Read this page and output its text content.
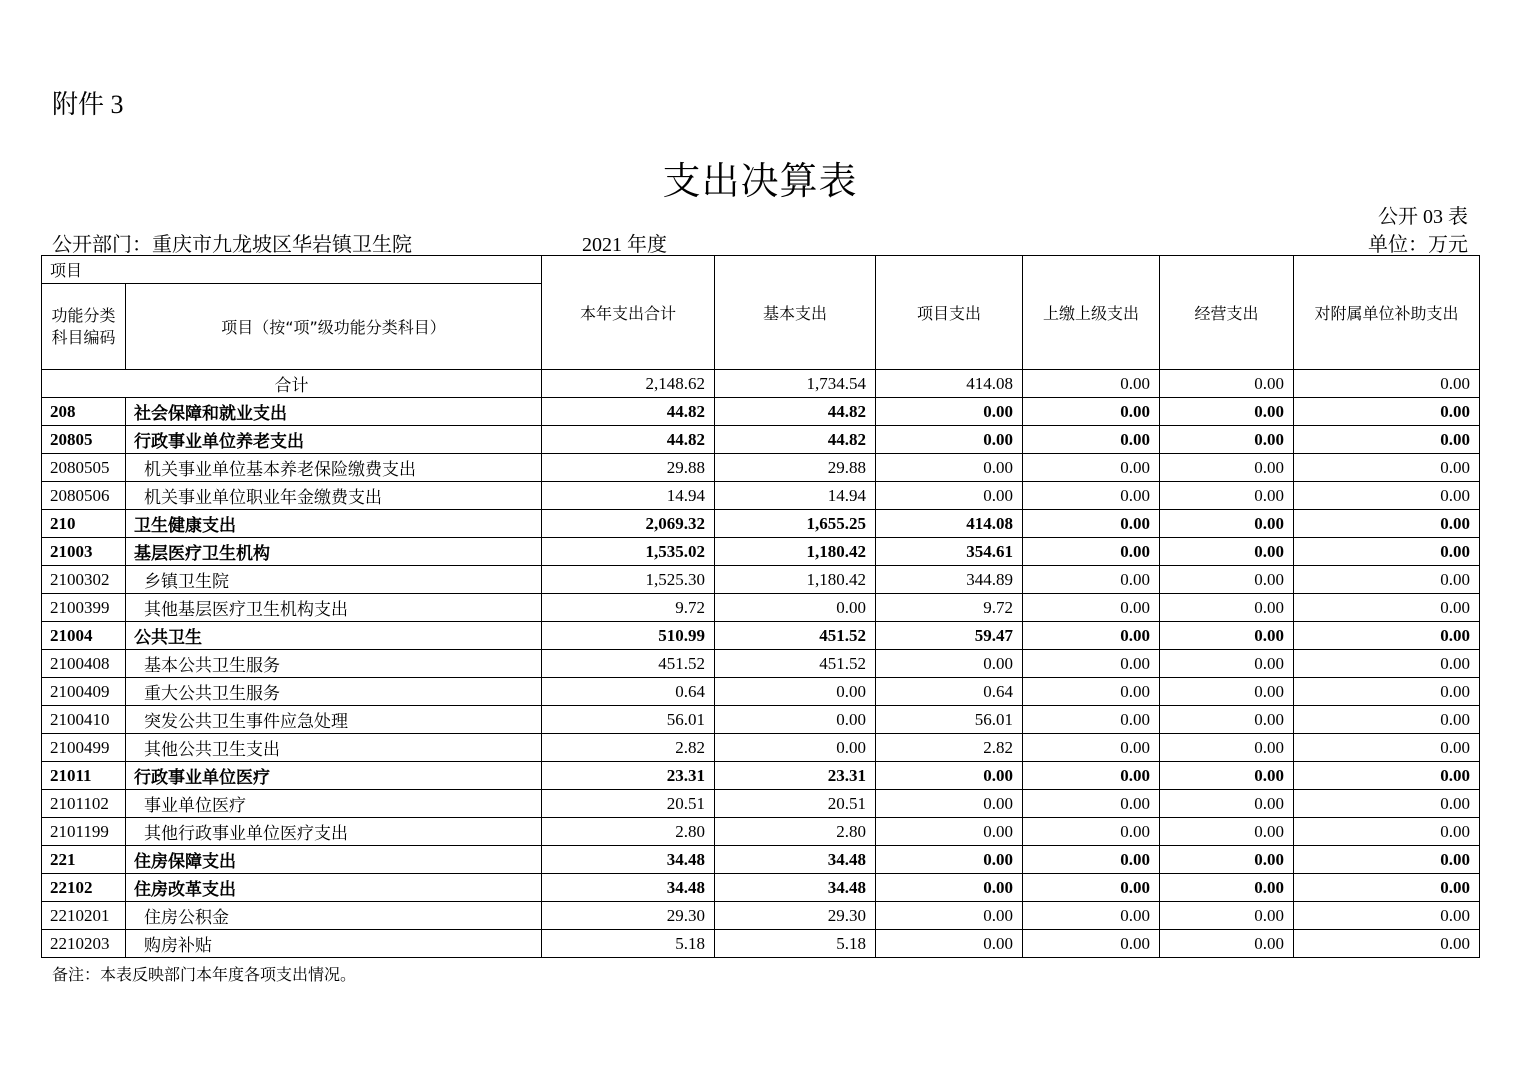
附件 3
支出决算表
公开 03 表
公开部门：重庆市九龙坡区华岩镇卫生院	2021 年度	单位：万元
项目		本年支出合计	基本支出	项目支出	上缴上级支出	经营支出	对附属单位补助支出
功能分类科目编码	项目（按“项”级功能分类科目）						
合计		2,148.62	1,734.54	414.08	0.00	0.00	0.00
208	社会保障和就业支出	44.82	44.82	0.00	0.00	0.00	0.00
20805	行政事业单位养老支出	44.82	44.82	0.00	0.00	0.00	0.00
2080505	机关事业单位基本养老保险缴费支出	29.88	29.88	0.00	0.00	0.00	0.00
2080506	机关事业单位职业年金缴费支出	14.94	14.94	0.00	0.00	0.00	0.00
210	卫生健康支出	2,069.32	1,655.25	414.08	0.00	0.00	0.00
21003	基层医疗卫生机构	1,535.02	1,180.42	354.61	0.00	0.00	0.00
2100302	乡镇卫生院	1,525.30	1,180.42	344.89	0.00	0.00	0.00
2100399	其他基层医疗卫生机构支出	9.72	0.00	9.72	0.00	0.00	0.00
21004	公共卫生	510.99	451.52	59.47	0.00	0.00	0.00
2100408	基本公共卫生服务	451.52	451.52	0.00	0.00	0.00	0.00
2100409	重大公共卫生服务	0.64	0.00	0.64	0.00	0.00	0.00
2100410	突发公共卫生事件应急处理	56.01	0.00	56.01	0.00	0.00	0.00
2100499	其他公共卫生支出	2.82	0.00	2.82	0.00	0.00	0.00
21011	行政事业单位医疗	23.31	23.31	0.00	0.00	0.00	0.00
2101102	事业单位医疗	20.51	20.51	0.00	0.00	0.00	0.00
2101199	其他行政事业单位医疗支出	2.80	2.80	0.00	0.00	0.00	0.00
221	住房保障支出	34.48	34.48	0.00	0.00	0.00	0.00
22102	住房改革支出	34.48	34.48	0.00	0.00	0.00	0.00
2210201	住房公积金	29.30	29.30	0.00	0.00	0.00	0.00
2210203	购房补贴	5.18	5.18	0.00	0.00	0.00	0.00
备注：本表反映部门本年度各项支出情况。
